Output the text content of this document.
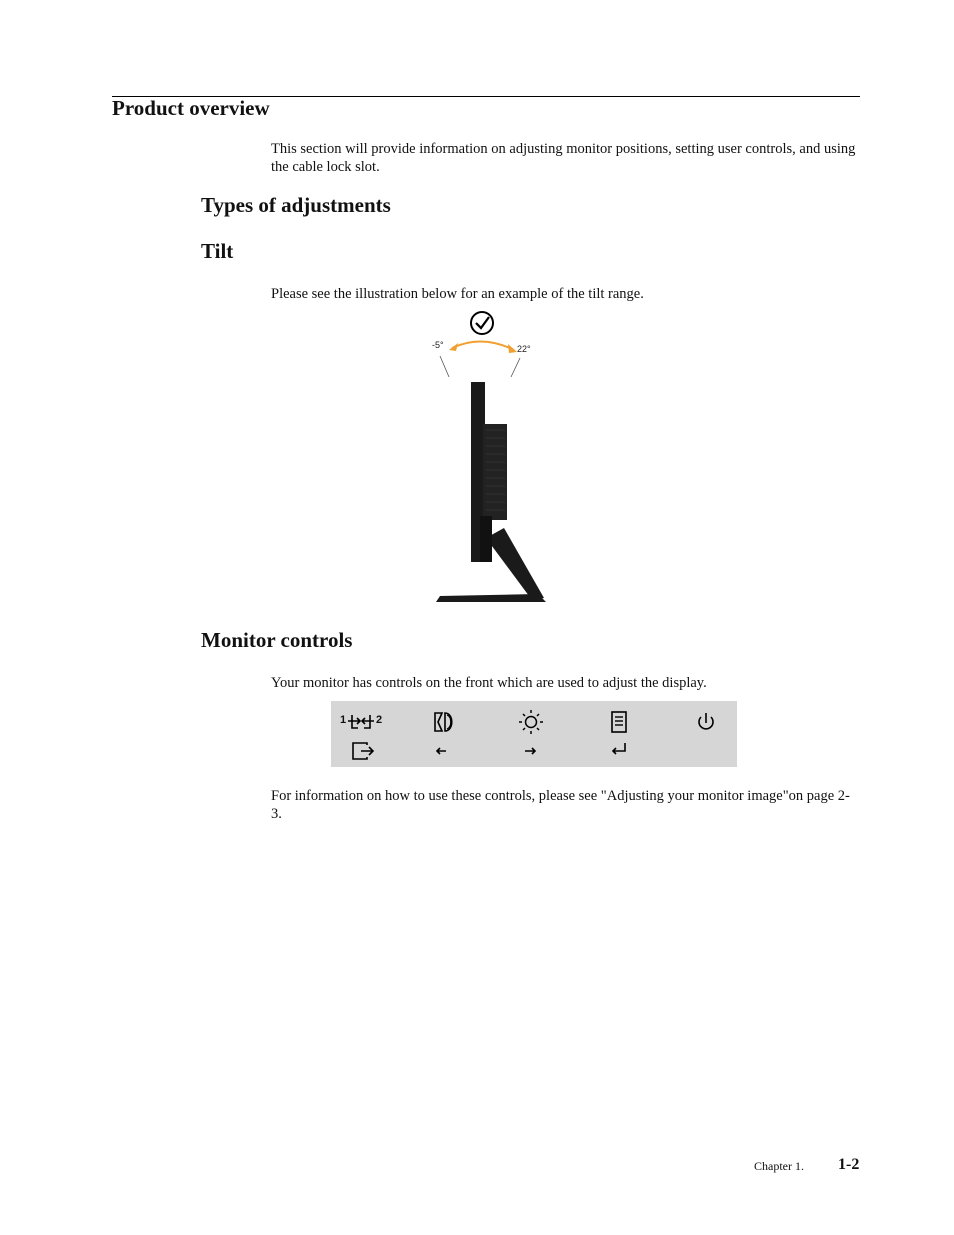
Product overview
This section will provide information on adjusting monitor positions, setting user controls, and using the cable lock slot.
Types of adjustments
Tilt
Please see the illustration below for an example of the tilt range.
-5°	22°
Monitor controls
Your monitor has controls on the front which are used to adjust the display.
1	2
For information on how to use these controls, please see "Adjusting your monitor image"on page 2-3.
Chapter 1. 1-2
